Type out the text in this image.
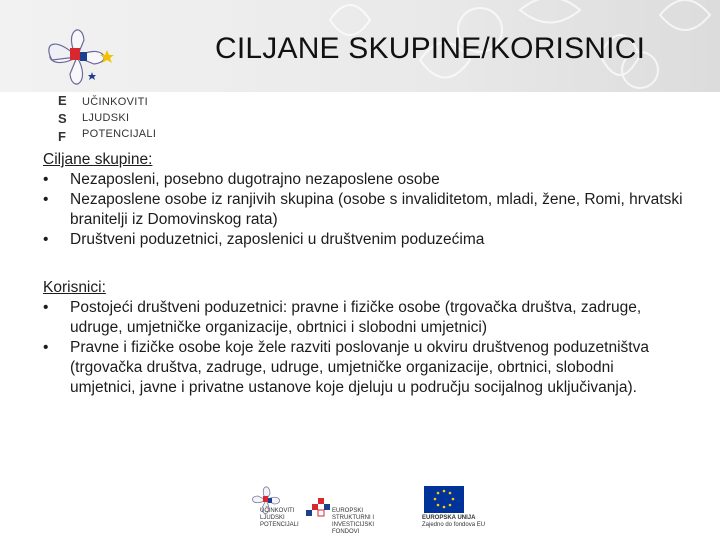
E
S
F
UČINKOVITI
LJUDSKI
POTENCIJALI
CILJANE SKUPINE/KORISNICI
Ciljane skupine:
• Nezaposleni, posebno dugotrajno nezaposlene osobe
• Nezaposlene osobe iz ranjivih skupina (osobe s invaliditetom, mladi, žene, Romi, hrvatski branitelji iz Domovinskog rata)
• Društveni poduzetnici, zaposlenici u društvenim poduzećima
Korisnici:
• Postojeći društveni poduzetnici: pravne i fizičke osobe (trgovačka društva, zadruge, udruge, umjetničke organizacije, obrtnici i slobodni umjetnici)
• Pravne i fizičke osobe koje žele razviti poslovanje u okviru društvenog poduzetništva (trgovačka društva, zadruge, udruge, umjetničke organizacije, obrtnici, slobodni umjetnici, javne i privatne ustanove koje djeluju u području socijalnog uključivanja).
UČINKOVITI
LJUDSKI
POTENCIJALI
EUROPSKI STRUKTURNI I INVESTICIJSKI FONDOVI
EUROPSKA UNIJA
Zajedno do fondova EU
